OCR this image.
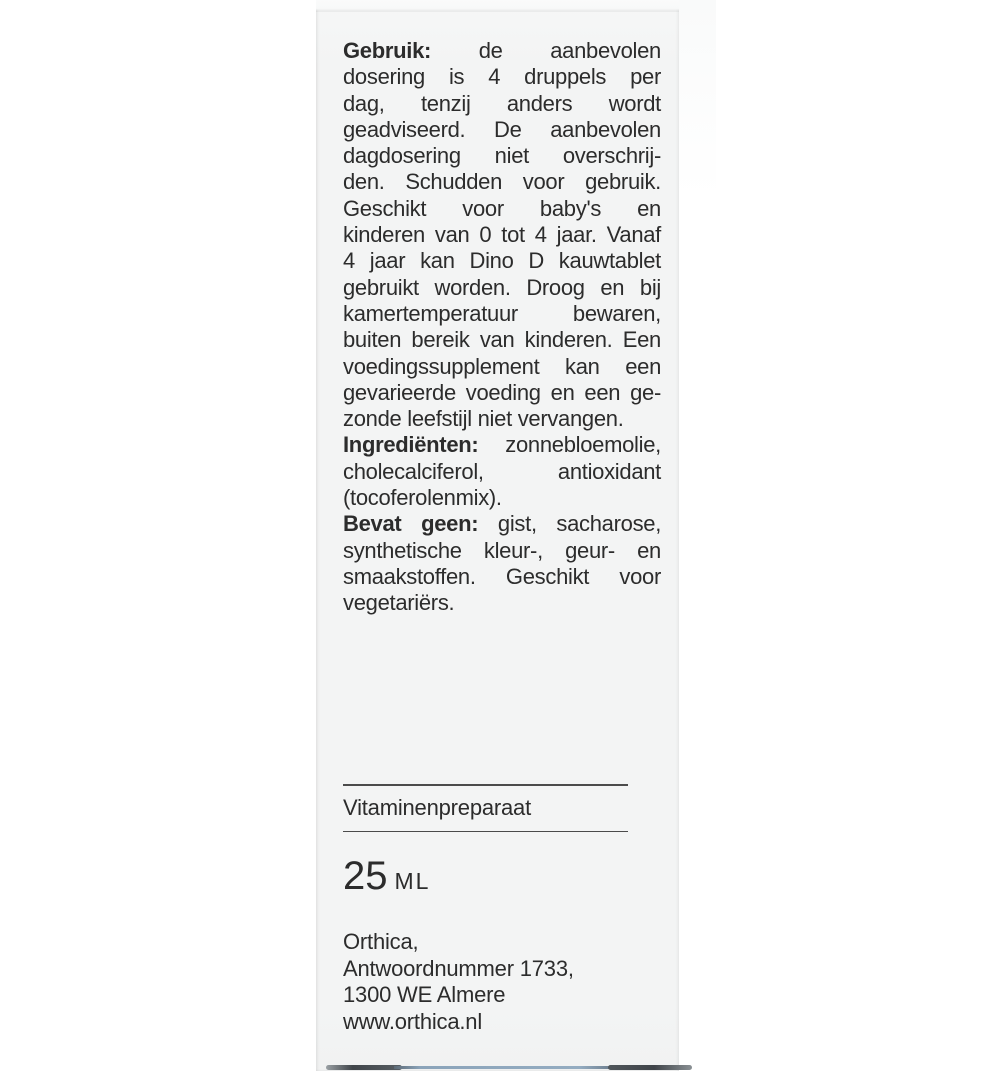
Gebruik: de aanbevolen
dosering is 4 druppels per
dag, tenzij anders wordt
geadviseerd. De aanbevolen
dagdosering niet overschrij-
den. Schudden voor gebruik.
Geschikt voor baby's en
kinderen van 0 tot 4 jaar. Vanaf
4 jaar kan Dino D kauwtablet
gebruikt worden. Droog en bij
kamertemperatuur bewaren,
buiten bereik van kinderen. Een
voedingssupplement kan een
gevarieerde voeding en een ge-
zonde leefstijl niet vervangen.
Ingrediënten: zonnebloemolie,
cholecalciferol, antioxidant
(tocoferolenmix).
Bevat geen: gist, sacharose,
synthetische kleur-, geur- en
smaakstoffen. Geschikt voor
vegetariërs.
Vitaminenpreparaat
25 ML
Orthica,
Antwoordnummer 1733,
1300 WE Almere
www.orthica.nl
